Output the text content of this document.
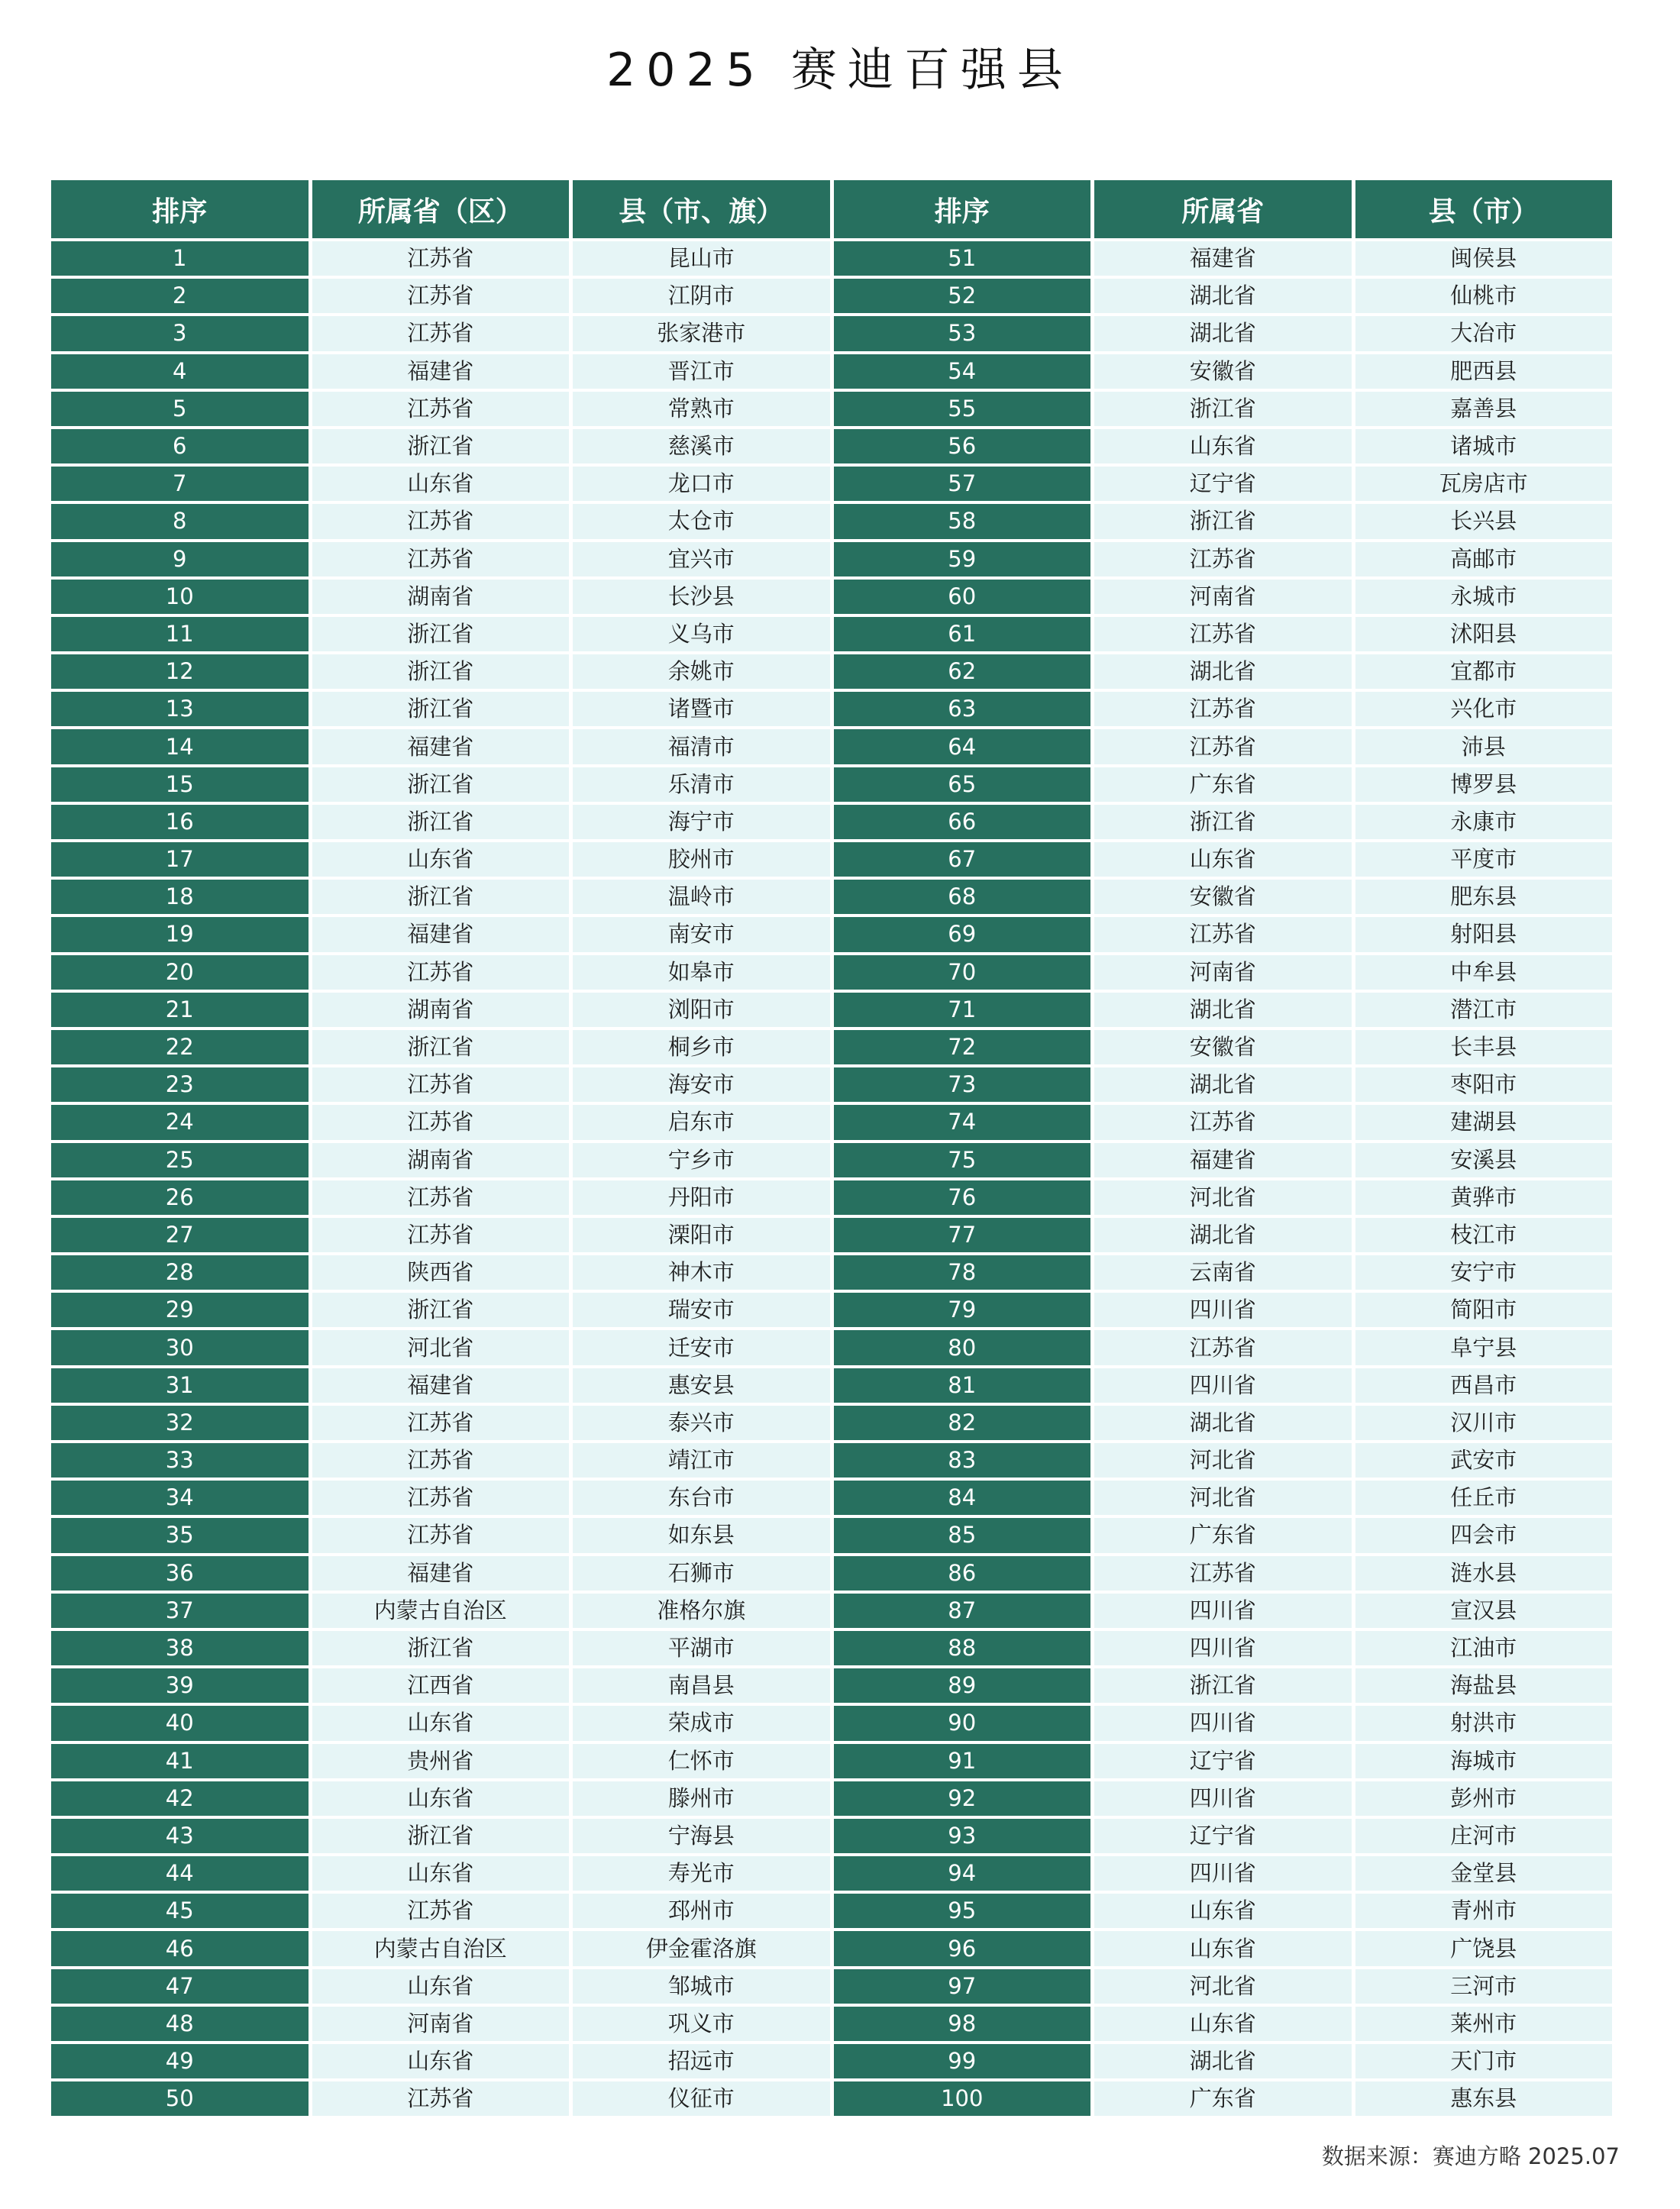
2025 赛迪百强县
排序	所属省（区）	县（市、旗）	排序	所属省	县（市）
1	江苏省	昆山市	51	福建省	闽侯县
2	江苏省	江阴市	52	湖北省	仙桃市
3	江苏省	张家港市	53	湖北省	大冶市
4	福建省	晋江市	54	安徽省	肥西县
5	江苏省	常熟市	55	浙江省	嘉善县
6	浙江省	慈溪市	56	山东省	诸城市
7	山东省	龙口市	57	辽宁省	瓦房店市
8	江苏省	太仓市	58	浙江省	长兴县
9	江苏省	宜兴市	59	江苏省	高邮市
10	湖南省	长沙县	60	河南省	永城市
11	浙江省	义乌市	61	江苏省	沭阳县
12	浙江省	余姚市	62	湖北省	宜都市
13	浙江省	诸暨市	63	江苏省	兴化市
14	福建省	福清市	64	江苏省	沛县
15	浙江省	乐清市	65	广东省	博罗县
16	浙江省	海宁市	66	浙江省	永康市
17	山东省	胶州市	67	山东省	平度市
18	浙江省	温岭市	68	安徽省	肥东县
19	福建省	南安市	69	江苏省	射阳县
20	江苏省	如皋市	70	河南省	中牟县
21	湖南省	浏阳市	71	湖北省	潜江市
22	浙江省	桐乡市	72	安徽省	长丰县
23	江苏省	海安市	73	湖北省	枣阳市
24	江苏省	启东市	74	江苏省	建湖县
25	湖南省	宁乡市	75	福建省	安溪县
26	江苏省	丹阳市	76	河北省	黄骅市
27	江苏省	溧阳市	77	湖北省	枝江市
28	陕西省	神木市	78	云南省	安宁市
29	浙江省	瑞安市	79	四川省	简阳市
30	河北省	迁安市	80	江苏省	阜宁县
31	福建省	惠安县	81	四川省	西昌市
32	江苏省	泰兴市	82	湖北省	汉川市
33	江苏省	靖江市	83	河北省	武安市
34	江苏省	东台市	84	河北省	任丘市
35	江苏省	如东县	85	广东省	四会市
36	福建省	石狮市	86	江苏省	涟水县
37	内蒙古自治区	准格尔旗	87	四川省	宣汉县
38	浙江省	平湖市	88	四川省	江油市
39	江西省	南昌县	89	浙江省	海盐县
40	山东省	荣成市	90	四川省	射洪市
41	贵州省	仁怀市	91	辽宁省	海城市
42	山东省	滕州市	92	四川省	彭州市
43	浙江省	宁海县	93	辽宁省	庄河市
44	山东省	寿光市	94	四川省	金堂县
45	江苏省	邳州市	95	山东省	青州市
46	内蒙古自治区	伊金霍洛旗	96	山东省	广饶县
47	山东省	邹城市	97	河北省	三河市
48	河南省	巩义市	98	山东省	莱州市
49	山东省	招远市	99	湖北省	天门市
50	江苏省	仪征市	100	广东省	惠东县
数据来源：赛迪方略 2025.07
